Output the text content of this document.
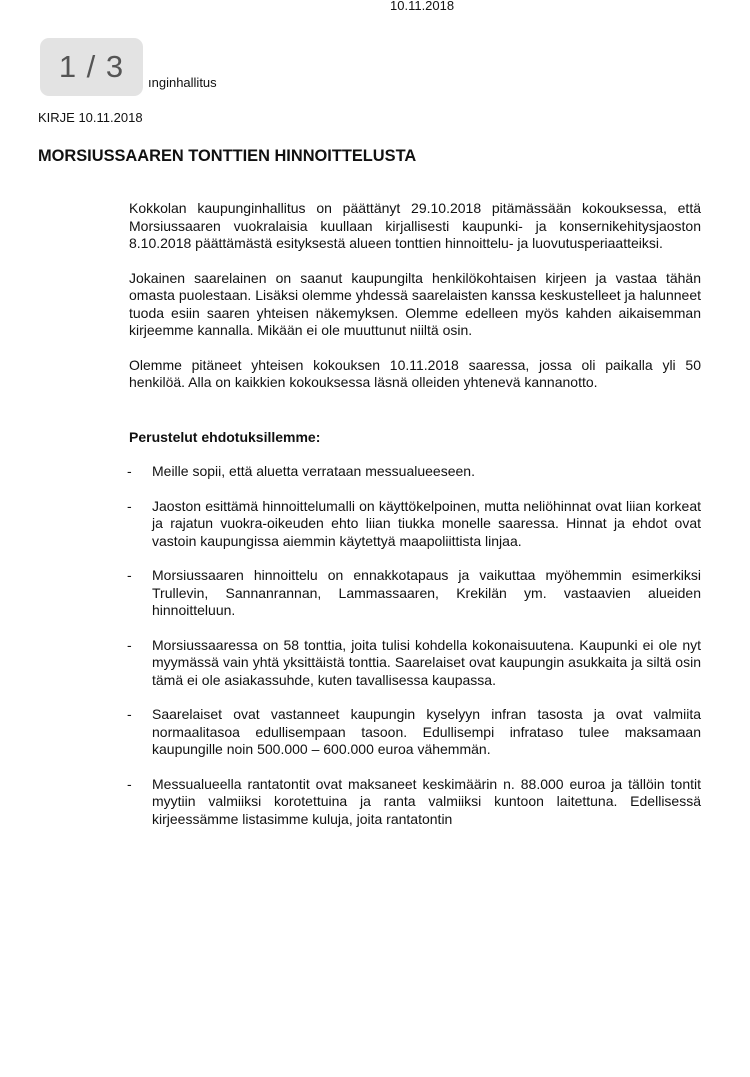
10.11.2018
ınginhallitus
1 / 3
KIRJE 10.11.2018
MORSIUSSAAREN TONTTIEN HINNOITTELUSTA

Kokkolan kaupunginhallitus on päättänyt 29.10.2018 pitämässään kokouksessa, että Morsiussaaren vuokralaisia kuullaan kirjallisesti kaupunki- ja konsernikehitysjaoston 8.10.2018 päättämästä esityksestä alueen tonttien hinnoittelu- ja luovutusperiaatteiksi.

Jokainen saarelainen on saanut kaupungilta henkilökohtaisen kirjeen ja vastaa tähän omasta puolestaan. Lisäksi olemme yhdessä saarelaisten kanssa keskustelleet ja halunneet tuoda esiin saaren yhteisen näkemyksen. Olemme edelleen myös kahden aikaisemman kirjeemme kannalla. Mikään ei ole muuttunut niiltä osin.

Olemme pitäneet yhteisen kokouksen 10.11.2018 saaressa, jossa oli paikalla yli 50 henkilöä. Alla on kaikkien kokouksessa läsnä olleiden yhtenevä kannanotto.

Perustelut ehdotuksillemme:

- Meille sopii, että aluetta verrataan messualueeseen.
- Jaoston esittämä hinnoittelumalli on käyttökelpoinen, mutta neliöhinnat ovat liian korkeat ja rajatun vuokra-oikeuden ehto liian tiukka monelle saaressa. Hinnat ja ehdot ovat vastoin kaupungissa aiemmin käytettyä maapoliittista linjaa.
- Morsiussaaren hinnoittelu on ennakkotapaus ja vaikuttaa myöhemmin esimerkiksi Trullevin, Sannanrannan, Lammassaaren, Krekilän ym. vastaavien alueiden hinnoitteluun.
- Morsiussaaressa on 58 tonttia, joita tulisi kohdella kokonaisuutena. Kaupunki ei ole nyt myymässä vain yhtä yksittäistä tonttia. Saarelaiset ovat kaupungin asukkaita ja siltä osin tämä ei ole asiakassuhde, kuten tavallisessa kaupassa.
- Saarelaiset ovat vastanneet kaupungin kyselyyn infran tasosta ja ovat valmiita normaalitasoa edullisempaan tasoon. Edullisempi infrataso tulee maksamaan kaupungille noin 500.000 – 600.000 euroa vähemmän.
- Messualueella rantatontit ovat maksaneet keskimäärin n. 88.000 euroa ja tällöin tontit myytiin valmiiksi korotettuina ja ranta valmiiksi kuntoon laitettuna. Edellisessä kirjeessämme listasimme kuluja, joita rantatontin
